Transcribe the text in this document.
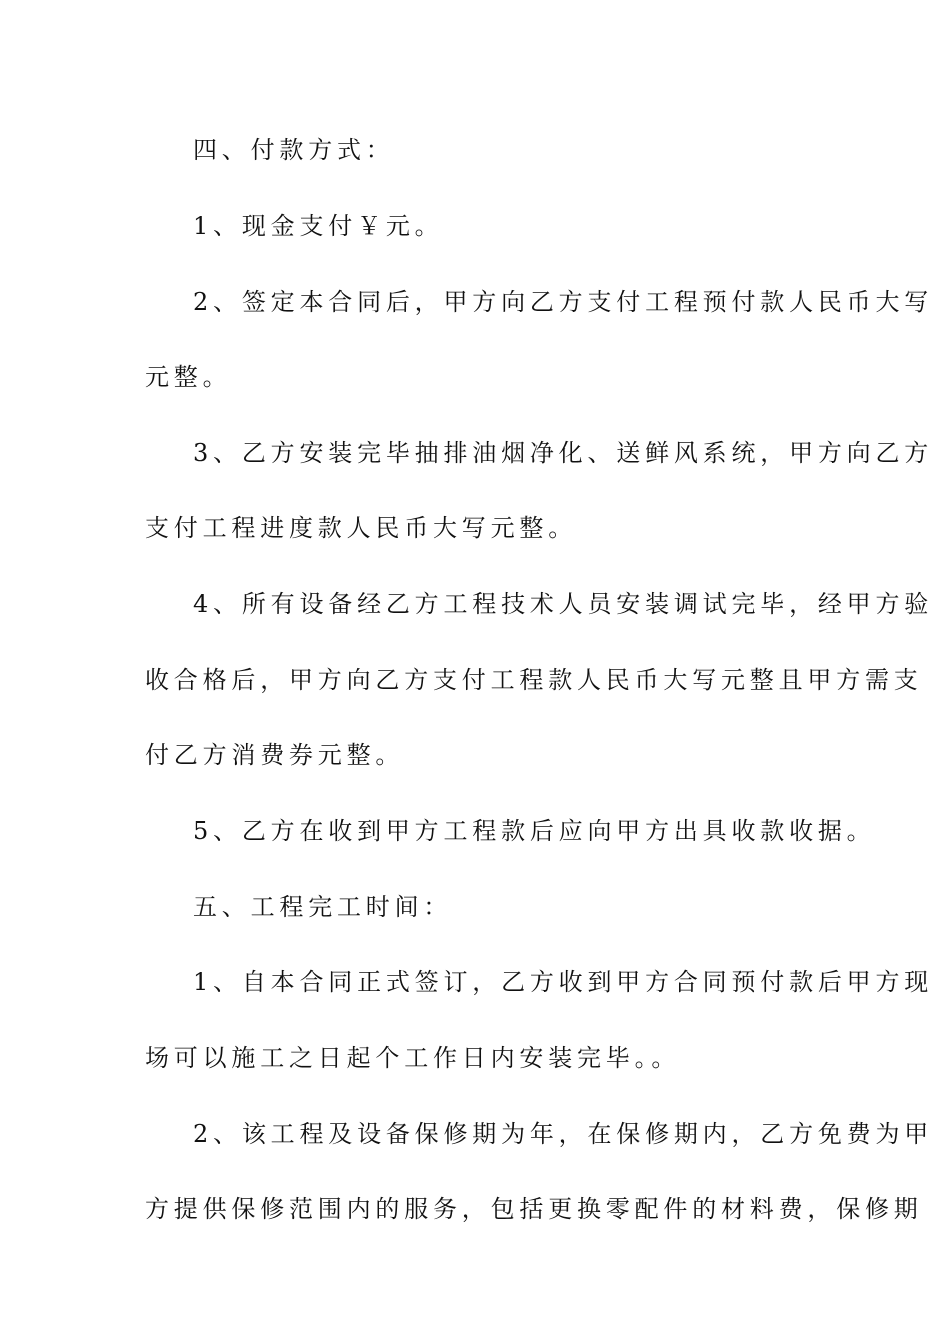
四、付款方式：
1、现金支付￥元。
2、签定本合同后，甲方向乙方支付工程预付款人民币大写
元整。
3、乙方安装完毕抽排油烟净化、送鲜风系统，甲方向乙方
支付工程进度款人民币大写元整。
4、所有设备经乙方工程技术人员安装调试完毕，经甲方验
收合格后，甲方向乙方支付工程款人民币大写元整且甲方需支
付乙方消费券元整。
5、乙方在收到甲方工程款后应向甲方出具收款收据。
五、工程完工时间：
1、自本合同正式签订，乙方收到甲方合同预付款后甲方现
场可以施工之日起个工作日内安装完毕。。
2、该工程及设备保修期为年，在保修期内，乙方免费为甲
方提供保修范围内的服务，包括更换零配件的材料费，保修期
